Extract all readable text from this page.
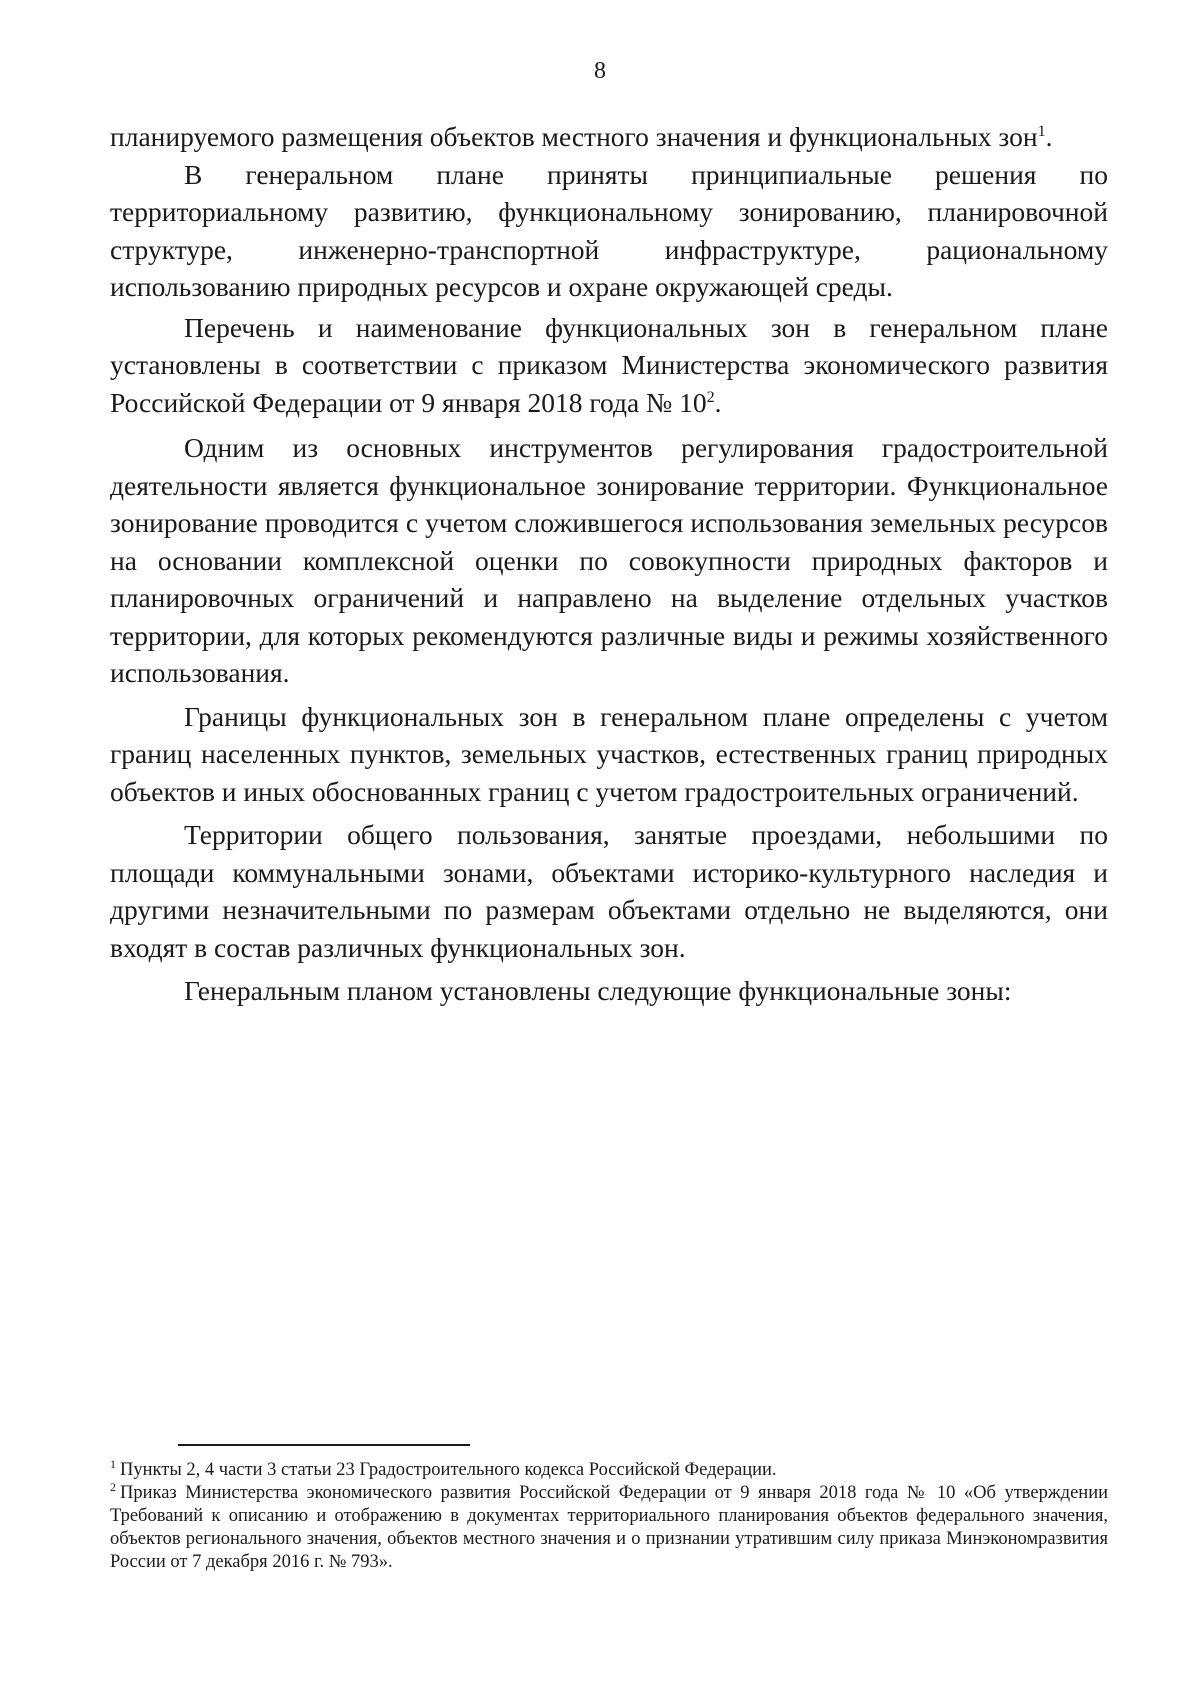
8

планируемого размещения объектов местного значения и функциональных зон$^1$.

В генеральном плане приняты принципиальные решения по территориальному развитию, функциональному зонированию, планировочной структуре, инженерно-транспортной инфраструктуре, рациональному использованию природных ресурсов и охране окружающей среды.

Перечень и наименование функциональных зон в генеральном плане установлены в соответствии с приказом Министерства экономического развития Российской Федерации от 9 января 2018 года № $10^2$.

Одним из основных инструментов регулирования градостроительной деятельности является функциональное зонирование территории. Функциональное зонирование проводится с учетом сложившегося использования земельных ресурсов на основании комплексной оценки по совокупности природных факторов и планировочных ограничений и направлено на выделение отдельных участков территории, для которых рекомендуются различные виды и режимы хозяйственного использования.

Границы функциональных зон в генеральном плане определены с учетом границ населенных пунктов, земельных участков, естественных границ природных объектов и иных обоснованных границ с учетом градостроительных ограничений.

Территории общего пользования, занятые проездами, небольшими по площади коммунальными зонами, объектами историко-культурного наследия и другими незначительными по размерам объектами отдельно не выделяются, они входят в состав различных функциональных зон.

Генеральным планом установлены следующие функциональные зоны:

$^1$ Пункты 2, 4 части 3 статьи 23 Градостроительного кодекса Российской Федерации.

$^2$ Приказ Министерства экономического развития Российской Федерации от 9 января 2018 года № 10 «Об утверждении Требований к описанию и отображению в документах территориального планирования объектов федерального значения, объектов регионального значения, объектов местного значения и о признании утратившим силу приказа Минэкономразвития России от 7 декабря 2016 г. № 793».
